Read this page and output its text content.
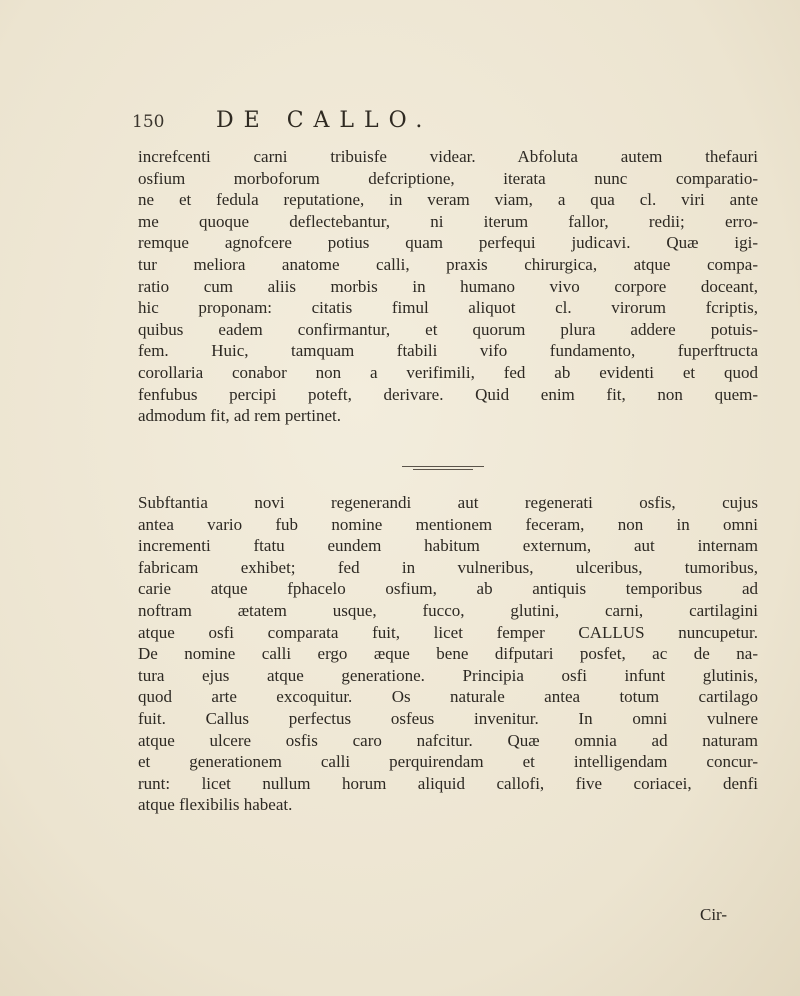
150 DE CALLO.
increfcenti carni tribuisfe videar. Abfoluta autem thefauri
osfium morboforum defcriptione, iterata nunc comparatio-
ne et fedula reputatione, in veram viam, a qua cl. viri ante
me quoque deflectebantur, ni iterum fallor, redii; erro-
remque agnofcere potius quam perfequi judicavi. Quæ igi-
tur meliora anatome calli, praxis chirurgica, atque compa-
ratio cum aliis morbis in humano vivo corpore doceant,
hic proponam: citatis fimul aliquot cl. virorum fcriptis,
quibus eadem confirmantur, et quorum plura addere potuis-
fem. Huic, tamquam ftabili vifo fundamento, fuperftructa
corollaria conabor non a verifimili, fed ab evidenti et quod
fenfubus percipi poteft, derivare. Quid enim fit, non quem-
admodum fit, ad rem pertinet.
Subftantia novi regenerandi aut regenerati osfis, cujus
antea vario fub nomine mentionem feceram, non in omni
incrementi ftatu eundem habitum externum, aut internam
fabricam exhibet; fed in vulneribus, ulceribus, tumoribus,
carie atque fphacelo osfium, ab antiquis temporibus ad
noftram ætatem usque, fucco, glutini, carni, cartilagini
atque osfi comparata fuit, licet femper CALLUS nuncupetur.
De nomine calli ergo æque bene difputari posfet, ac de na-
tura ejus atque generatione. Principia osfi infunt glutinis,
quod arte excoquitur. Os naturale antea totum cartilago
fuit. Callus perfectus osfeus invenitur. In omni vulnere
atque ulcere osfis caro nafcitur. Quæ omnia ad naturam
et generationem calli perquirendam et intelligendam concur-
runt: licet nullum horum aliquid callofi, five coriacei, denfi
atque flexibilis habeat.
Cir-
